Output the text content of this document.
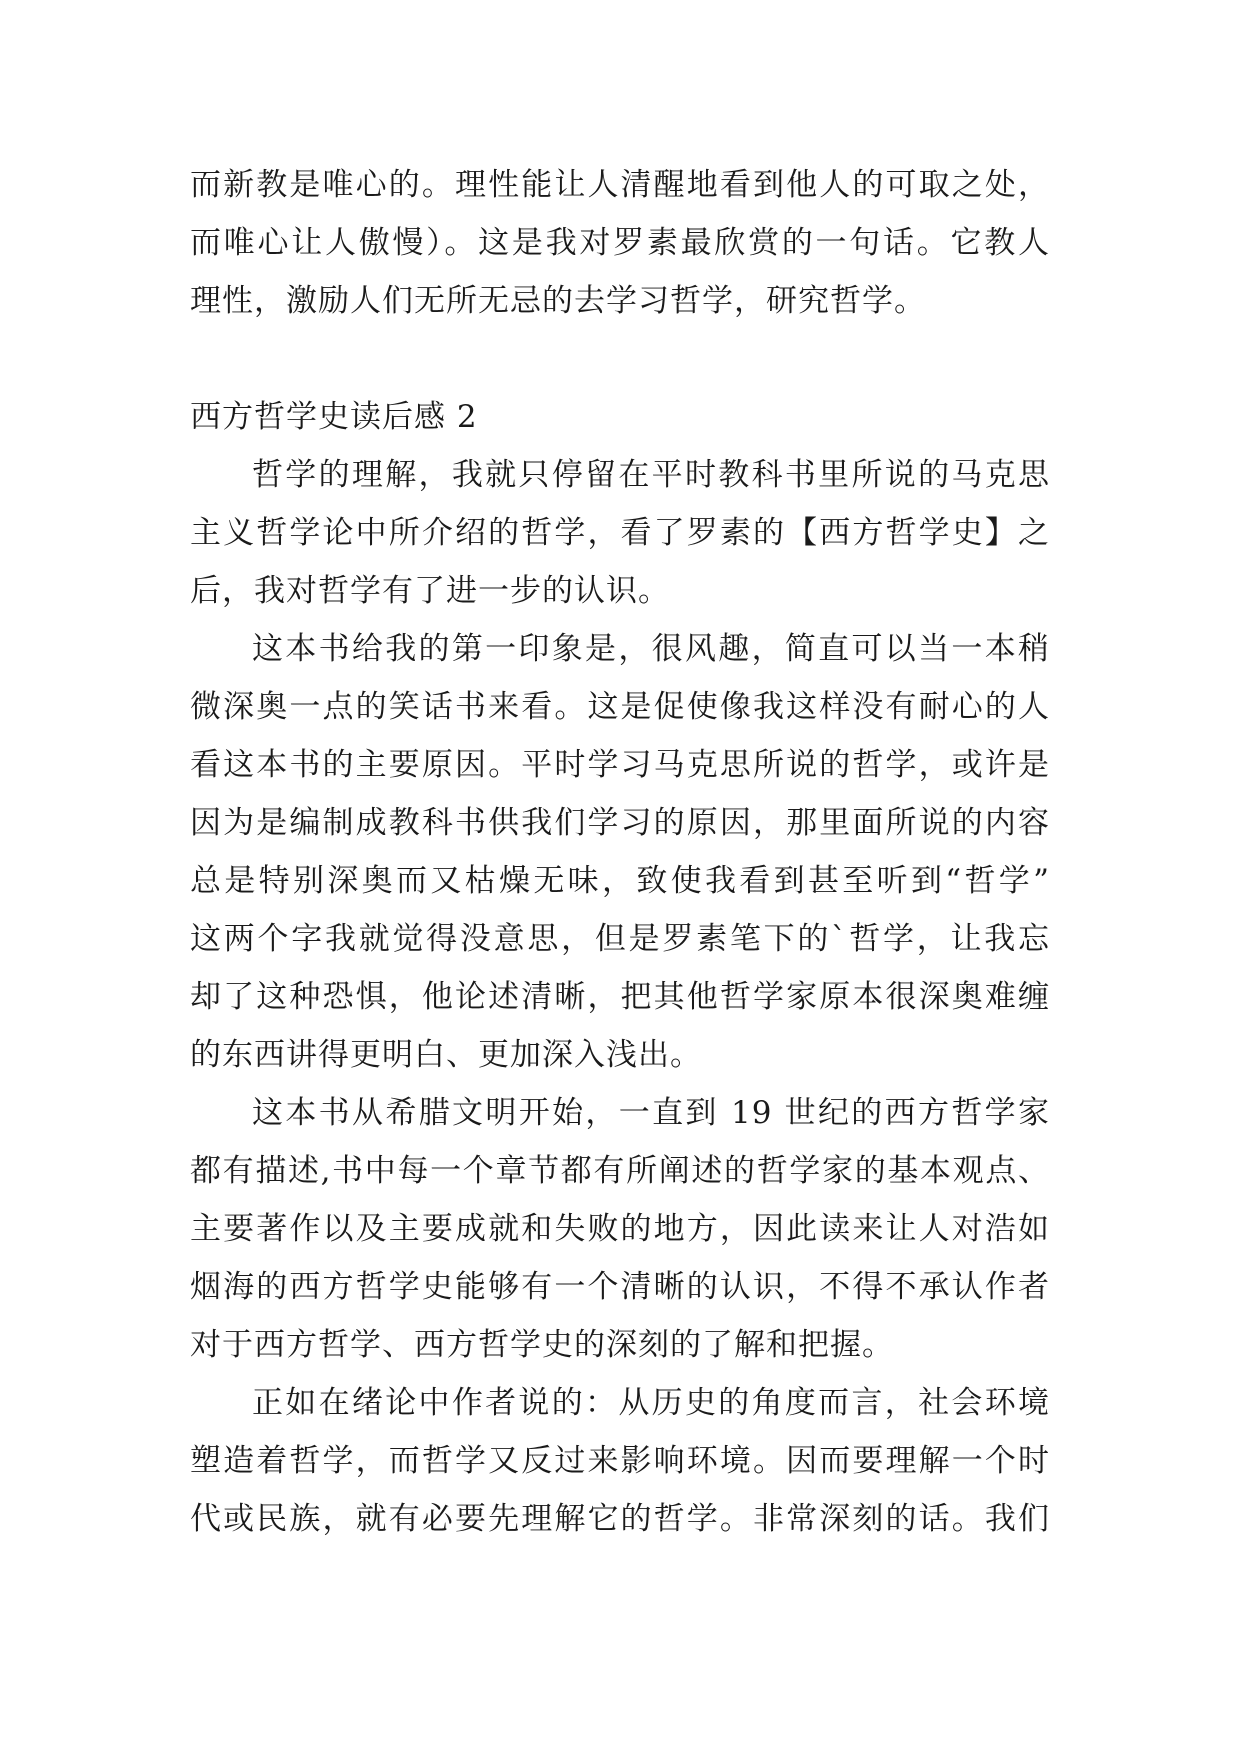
而新教是唯心的。理性能让人清醒地看到他人的可取之处，
而唯心让人傲慢）。这是我对罗素最欣赏的一句话。它教人
理性，激励人们无所无忌的去学习哲学，研究哲学。
西方哲学史读后感 2
哲学的理解，我就只停留在平时教科书里所说的马克思
主义哲学论中所介绍的哲学，看了罗素的【西方哲学史】之
后，我对哲学有了进一步的认识。
这本书给我的第一印象是，很风趣，简直可以当一本稍
微深奥一点的笑话书来看。这是促使像我这样没有耐心的人
看这本书的主要原因。平时学习马克思所说的哲学，或许是
因为是编制成教科书供我们学习的原因，那里面所说的内容
总是特别深奥而又枯燥无味，致使我看到甚至听到“哲学”
这两个字我就觉得没意思，但是罗素笔下的`哲学，让我忘
却了这种恐惧，他论述清晰，把其他哲学家原本很深奥难缠
的东西讲得更明白、更加深入浅出。
这本书从希腊文明开始，一直到 19 世纪的西方哲学家
都有描述,书中每一个章节都有所阐述的哲学家的基本观点、
主要著作以及主要成就和失败的地方，因此读来让人对浩如
烟海的西方哲学史能够有一个清晰的认识，不得不承认作者
对于西方哲学、西方哲学史的深刻的了解和把握。
正如在绪论中作者说的：从历史的角度而言，社会环境
塑造着哲学，而哲学又反过来影响环境。因而要理解一个时
代或民族，就有必要先理解它的哲学。非常深刻的话。我们
